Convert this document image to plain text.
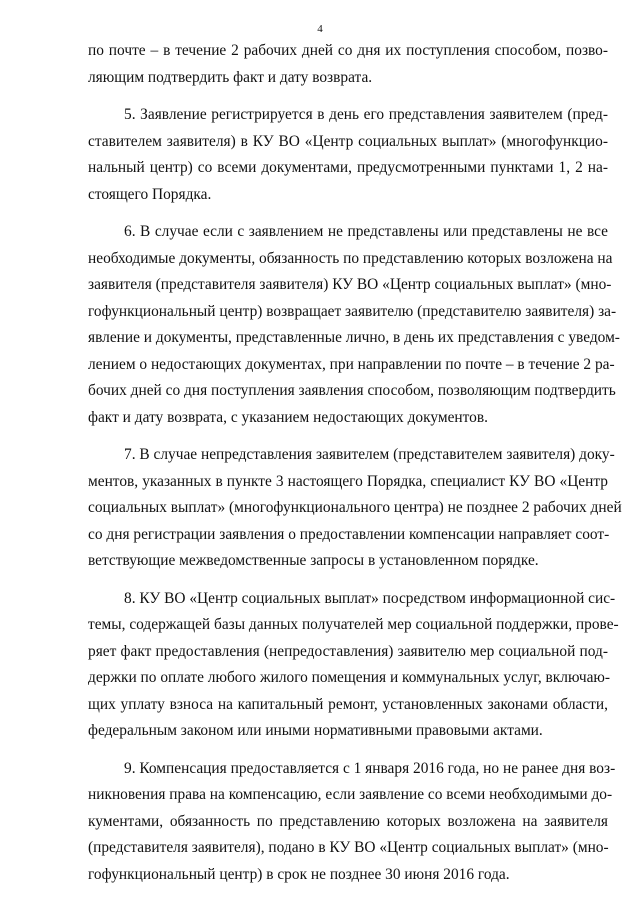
4
по почте – в течение 2 рабочих дней со дня их поступления способом, позво-
ляющим подтвердить факт и дату возврата.
5. Заявление регистрируется в день его представления заявителем (пред-
ставителем заявителя) в КУ ВО «Центр социальных выплат» (многофункцио-
нальный центр) со всеми документами, предусмотренными пунктами 1, 2 на-
стоящего Порядка.
6. В случае если с заявлением не представлены или представлены не все
необходимые документы, обязанность по представлению которых возложена на
заявителя (представителя заявителя) КУ ВО «Центр социальных выплат» (мно-
гофункциональный центр) возвращает заявителю (представителю заявителя) за-
явление и документы, представленные лично, в день их представления с уведом-
лением о недостающих документах, при направлении по почте – в течение 2 ра-
бочих дней со дня поступления заявления способом, позволяющим подтвердить
факт и дату возврата, с указанием недостающих документов.
7. В случае непредставления заявителем (представителем заявителя) доку-
ментов, указанных в пункте 3 настоящего Порядка, специалист КУ ВО «Центр
социальных выплат» (многофункционального центра) не позднее 2 рабочих дней
со дня регистрации заявления о предоставлении компенсации направляет соот-
ветствующие межведомственные запросы в установленном порядке.
8. КУ ВО «Центр социальных выплат» посредством информационной сис-
темы, содержащей базы данных получателей мер социальной поддержки, прове-
ряет факт предоставления (непредоставления) заявителю мер социальной под-
держки по оплате любого жилого помещения и коммунальных услуг, включаю-
щих уплату взноса на капитальный ремонт, установленных законами области,
федеральным законом или иными нормативными правовыми актами.
9. Компенсация предоставляется с 1 января 2016 года, но не ранее дня воз-
никновения права на компенсацию, если заявление со всеми необходимыми до-
кументами, обязанность по представлению которых возложена на заявителя
(представителя заявителя), подано в КУ ВО «Центр социальных выплат» (мно-
гофункциональный центр) в срок не позднее 30 июня 2016 года.
